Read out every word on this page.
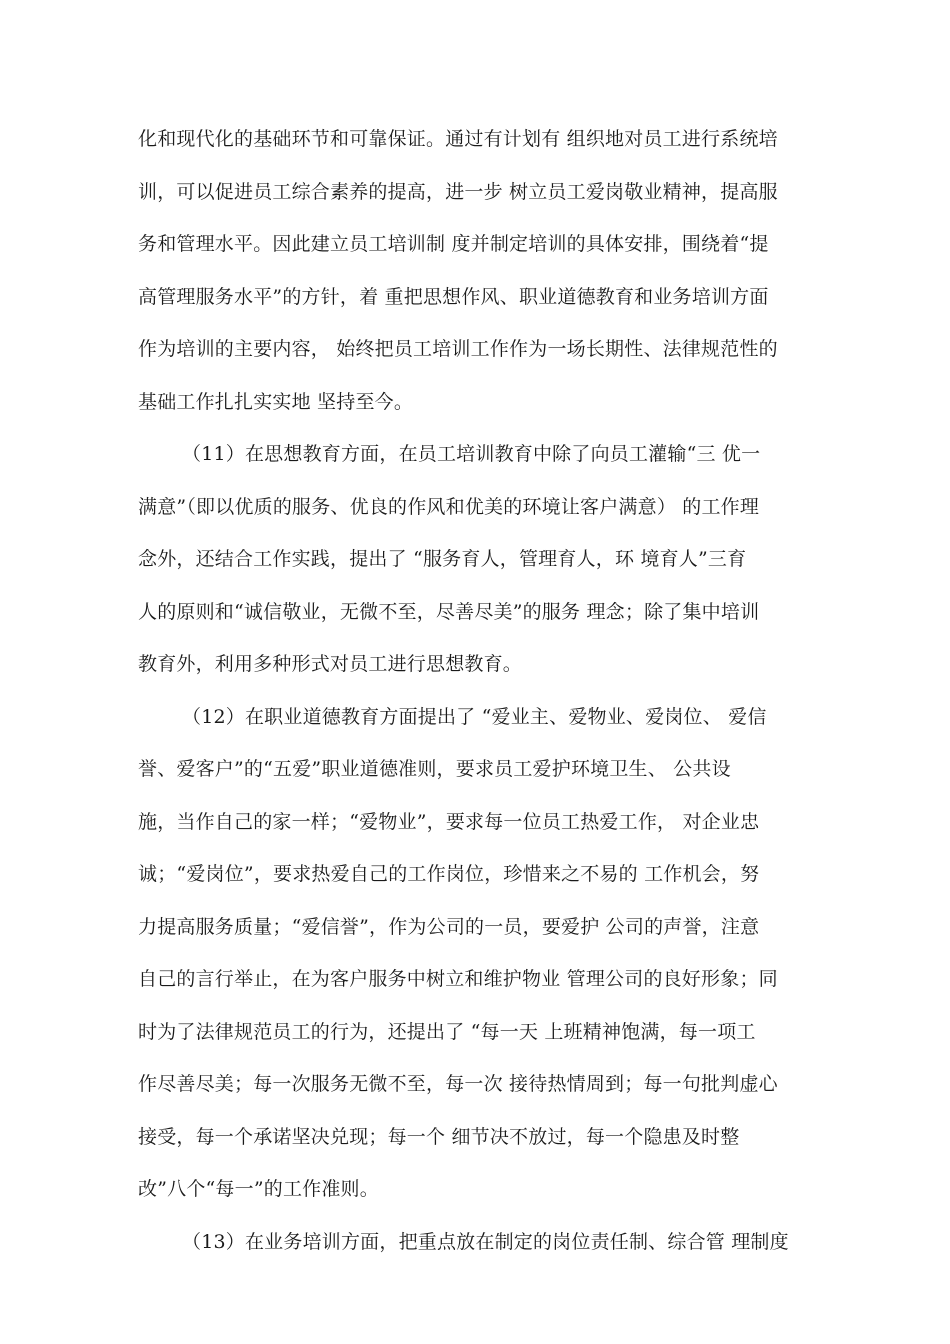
化和现代化的基础环节和可靠保证。通过有计划有 组织地对员工进行系统培
训，可以促进员工综合素养的提高，进一步 树立员工爱岗敬业精神，提高服
务和管理水平。因此建立员工培训制 度并制定培训的具体安排，围绕着“提
高管理服务水平”的方针，着 重把思想作风、职业道德教育和业务培训方面
作为培训的主要内容， 始终把员工培训工作作为一场长期性、法律规范性的
基础工作扎扎实实地 坚持至今。
（11）在思想教育方面，在员工培训教育中除了向员工灌输“三 优一
满意”（即以优质的服务、优良的作风和优美的环境让客户满意） 的工作理
念外，还结合工作实践，提出了 “服务育人，管理育人，环 境育人”三育
人的原则和“诚信敬业，无微不至，尽善尽美”的服务 理念；除了集中培训
教育外，利用多种形式对员工进行思想教育。
（12）在职业道德教育方面提出了 “爱业主、爱物业、爱岗位、 爱信
誉、爱客户”的“五爱”职业道德准则，要求员工爱护环境卫生、 公共设
施，当作自己的家一样；“爱物业”，要求每一位员工热爱工作， 对企业忠
诚；“爱岗位”，要求热爱自己的工作岗位，珍惜来之不易的 工作机会，努
力提高服务质量；“爱信誉”，作为公司的一员，要爱护 公司的声誉，注意
自己的言行举止，在为客户服务中树立和维护物业 管理公司的良好形象；同
时为了法律规范员工的行为，还提出了 “每一天 上班精神饱满，每一项工
作尽善尽美；每一次服务无微不至，每一次 接待热情周到；每一句批判虚心
接受，每一个承诺坚决兑现；每一个 细节决不放过，每一个隐患及时整
改”八个“每一”的工作准则。
（13）在业务培训方面，把重点放在制定的岗位责任制、综合管 理制度
